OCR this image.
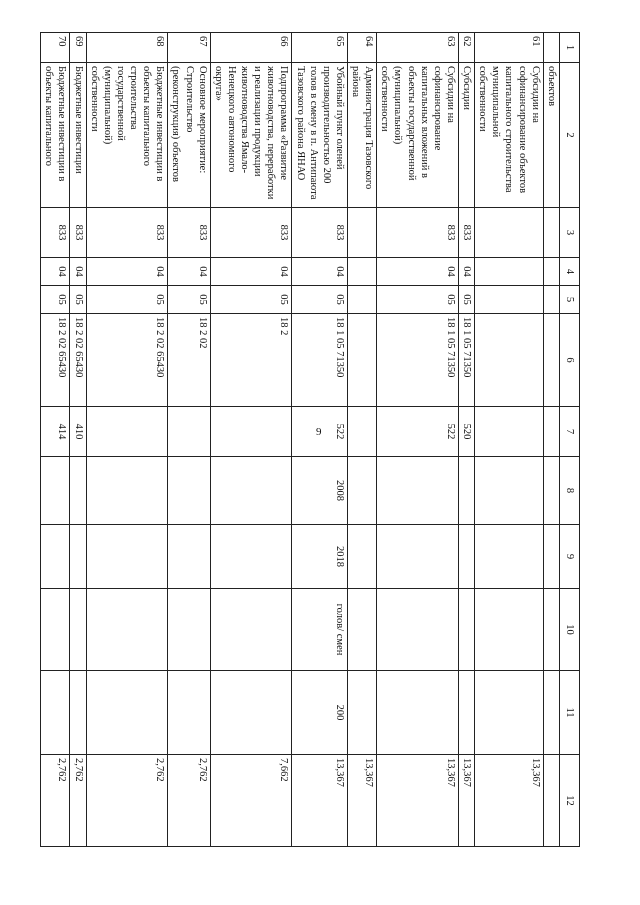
9
1	2	3	4	5	6	7	8	9	10	11	12
	объектов										
61	Субсидии на софинансирование объектов капитального строительства муниципальной собственности										13,367
62	Субсидии	833	04	05	18 1 05 71350	520					13,367
63	Субсидии на софинансирование капитальных вложений в объекты государственной (муниципальной) собственности	833	04	05	18 1 05 71350	522					13,367
64	Администрация Тазовского района										13,367
65	Убойный пункт оленей производительностью 200 голов в смену в п. Антипаюта Тазовского района ЯНАО	833	04	05	18 1 05 71350	522	2008	2018	голов/ смен	200	13,367
66	Подпрограмма «Развитие животноводства, переработки и реализации продукции животноводства Ямало-Ненецкого автономного округа»	833	04	05	18 2						7,662
67	Основное мероприятие: Строительство (реконструкция) объектов	833	04	05	18 2 02						2,762
68	Бюджетные инвестиции в объекты капитального строительства государственной (муниципальной) собственности	833	04	05	18 2 02 65430						2,762
69	Бюджетные инвестиции	833	04	05	18 2 02 65430	410					2,762
70	Бюджетные инвестиции в объекты капитального	833	04	05	18 2 02 65430	414					2,762
